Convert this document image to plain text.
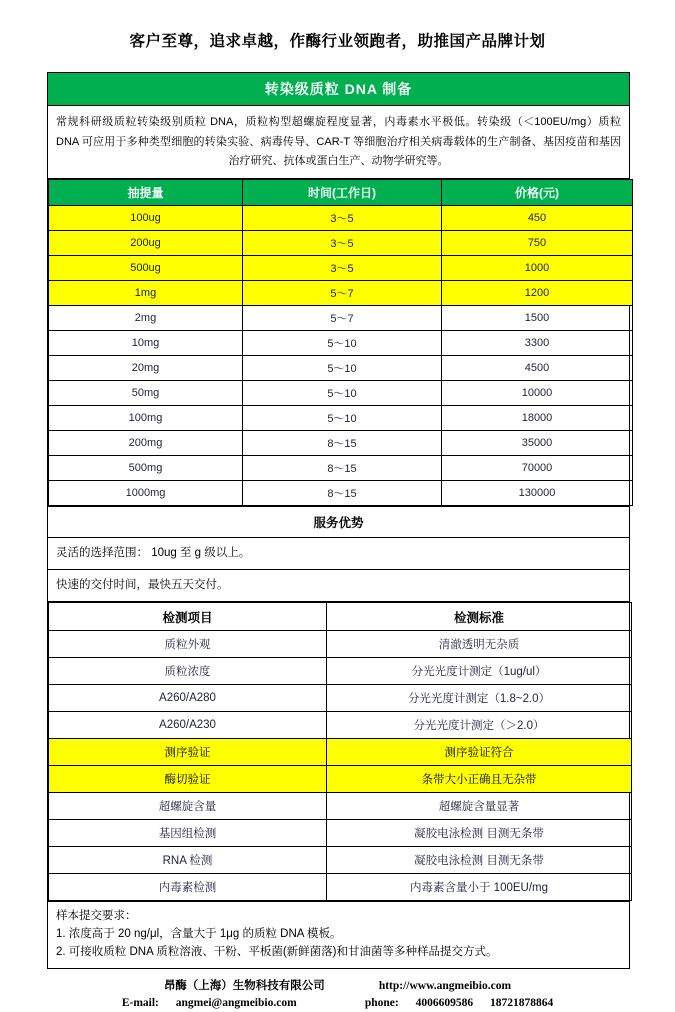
客户至尊，追求卓越，作酶行业领跑者，助推国产品牌计划
转染级质粒 DNA 制备
常规科研级质粒转染级别质粒 DNA，质粒构型超螺旋程度显著，内毒素水平极低。转染级（＜100EU/mg）质粒 DNA 可应用于多种类型细胞的转染实验、病毒传导、CAR-T 等细胞治疗相关病毒载体的生产制备、基因疫苗和基因治疗研究、抗体或蛋白生产、动物学研究等。
抽提量	时间(工作日)	价格(元)
100ug	3～5	450
200ug	3～5	750
500ug	3～5	1000
1mg	5～7	1200
2mg	5～7	1500
10mg	5～10	3300
20mg	5～10	4500
50mg	5～10	10000
100mg	5～10	18000
200mg	8～15	35000
500mg	8～15	70000
1000mg	8～15	130000
服务优势
灵活的选择范围： 10ug 至 g 级以上。
快速的交付时间，最快五天交付。
检测项目	检测标准
质粒外观	清澈透明无杂质
质粒浓度	分光光度计测定（1ug/ul）
A260/A280	分光光度计测定（1.8~2.0）
A260/A230	分光光度计测定（＞2.0）
测序验证	测序验证符合
酶切验证	条带大小正确且无杂带
超螺旋含量	超螺旋含量显著
基因组检测	凝胶电泳检测 目测无条带
RNA 检测	凝胶电泳检测 目测无条带
内毒素检测	内毒素含量小于 100EU/mg
样本提交要求：
1. 浓度高于 20 ng/μl，含量大于 1μg 的质粒 DNA 模板。
2. 可接收质粒 DNA 质粒溶液、干粉、平板菌(新鲜菌落)和甘油菌等多种样品提交方式。
昂酶（上海）生物科技有限公司
E-mail: angmei@angmeibio.com
http://www.angmeibio.com
phone: 4006609586 18721878864
